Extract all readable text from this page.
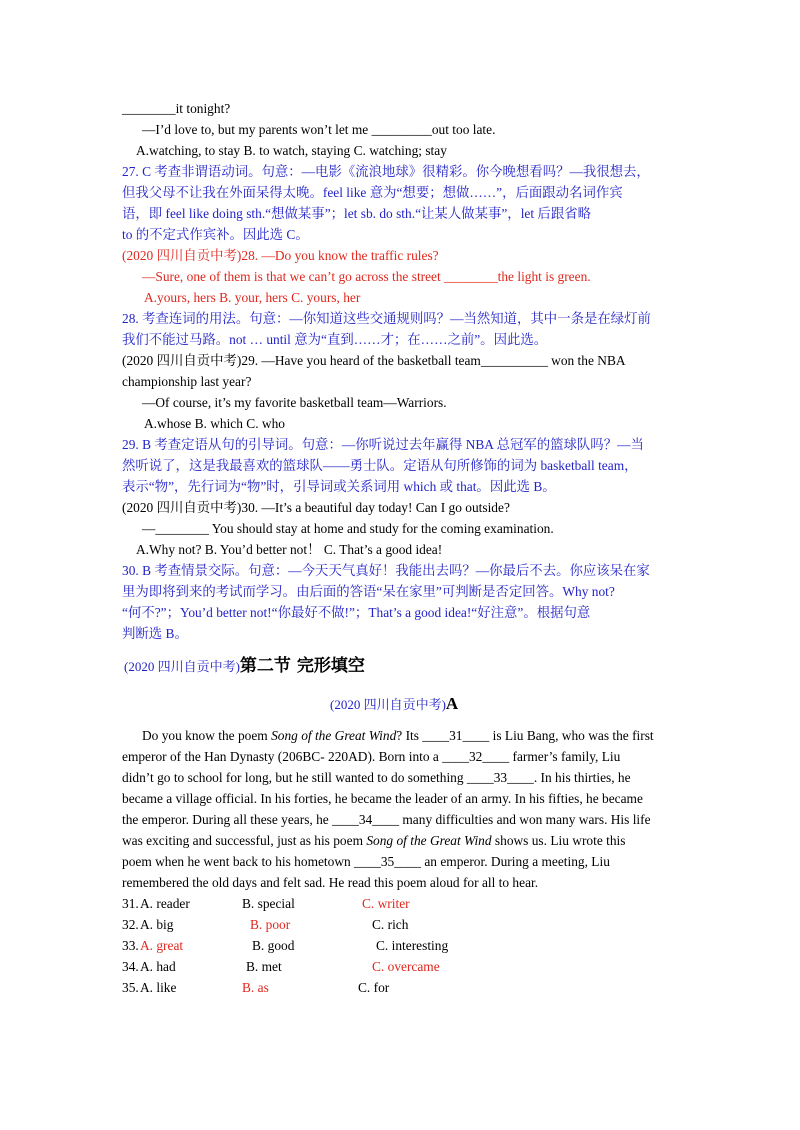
________it tonight?
—I’d love to, but my parents won’t let me _________out too late.
A.watching, to stay B. to watch, staying C. watching; stay
27. C 考查非谓语动词。句意：—电影《流浪地球》很精彩。你今晚想看吗？—我很想去，
但我父母不让我在外面呆得太晚。feel like 意为“想要；想做……”，后面跟动名词作宾
语，即 feel like doing sth.“想做某事”；let sb. do sth.“让某人做某事”，let 后跟省略
to 的不定式作宾补。因此选 C。
(2020 四川自贡中考)28. —Do you know the traffic rules?
—Sure, one of them is that we can’t go across the street ________the light is green.
A.yours, hers B. your, hers C. yours, her
28. 考查连词的用法。句意：—你知道这些交通规则吗？—当然知道，其中一条是在绿灯前
我们不能过马路。not … until 意为“直到……才；在……之前”。因此选。
(2020 四川自贡中考)29. —Have you heard of the basketball team__________ won the NBA
championship last year?
—Of course, it’s my favorite basketball team—Warriors.
A.whose B. which C. who
29. B 考查定语从句的引导词。句意：—你听说过去年赢得 NBA 总冠军的篮球队吗？—当
然听说了，这是我最喜欢的篮球队——勇士队。定语从句所修饰的词为 basketball team，
表示“物”，先行词为“物”时，引导词或关系词用 which 或 that。因此选 B。
(2020 四川自贡中考)30. —It’s a beautiful day today! Can I go outside?
—________ You should stay at home and study for the coming examination.
A.Why not? B. You’d better not！ C. That’s a good idea!
30. B 考查情景交际。句意：—今天天气真好！我能出去吗？—你最后不去。你应该呆在家
里为即将到来的考试而学习。由后面的答语“呆在家里”可判断是否定回答。Why not?
“何不?”；You’d better not!“你最好不做!”；That’s a good idea!“好注意”。根据句意
判断选 B。
(2020 四川自贡中考)第二节 完形填空
(2020 四川自贡中考)A
Do you know the poem Song of the Great Wind? Its ____31____ is Liu Bang, who was the first
emperor of the Han Dynasty (206BC- 220AD). Born into a ____32____ farmer’s family, Liu
didn’t go to school for long, but he still wanted to do something ____33____. In his thirties, he
became a village official. In his forties, he became the leader of an army. In his fifties, he became
the emperor. During all these years, he ____34____ many difficulties and won many wars. His life
was exciting and successful, just as his poem Song of the Great Wind shows us. Liu wrote this
poem when he went back to his hometown ____35____ an emperor. During a meeting, Liu
remembered the old days and felt sad. He read this poem aloud for all to hear.
31. A. reader	B. special	C. writer
32. A. big	B. poor	C. rich
33. A. great	B. good	C. interesting
34. A. had	B. met	C. overcame
35. A. like	B. as	C. for
